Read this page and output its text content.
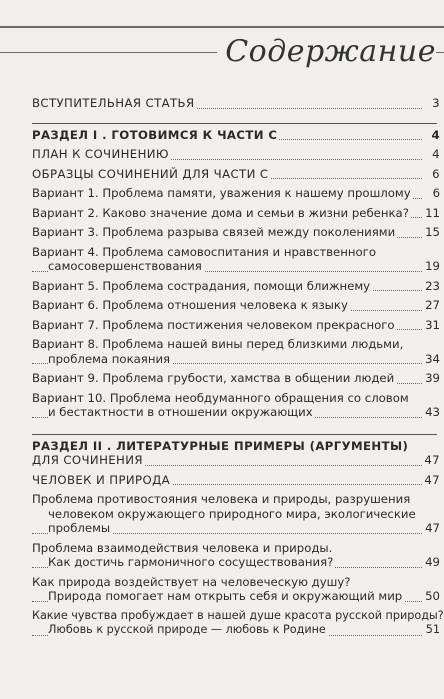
Содержание
ВСТУПИТЕЛЬНАЯ СТАТЬЯ	3
РАЗДЕЛ I . ГОТОВИМСЯ К ЧАСТИ С	4
ПЛАН К СОЧИНЕНИЮ	4
ОБРАЗЦЫ СОЧИНЕНИЙ ДЛЯ ЧАСТИ С	6
Вариант 1. Проблема памяти, уважения к нашему прошлому 6
Вариант 2. Каково значение дома и семьи в жизни ребенка? 11
Вариант 3. Проблема разрыва связей между поколениями	15
Вариант 4. Проблема самовоспитания и нравственного
самосовершенствования	19
Вариант 5. Проблема сострадания, помощи ближнему	23
Вариант 6. Проблема отношения человека к языку	27
Вариант 7. Проблема постижения человеком прекрасного	31
Вариант 8. Проблема нашей вины перед близкими людьми,
проблема покаяния	34
Вариант 9. Проблема грубости, хамства в общении людей	39
Вариант 10. Проблема необдуманного обращения со словом
и бестактности в отношении окружающих	43
РАЗДЕЛ II . ЛИТЕРАТУРНЫЕ ПРИМЕРЫ (АРГУМЕНТЫ)
ДЛЯ СОЧИНЕНИЯ	47
ЧЕЛОВЕК И ПРИРОДА	47
Проблема противостояния человека и природы, разрушения
человеком окружающего природного мира, экологические
проблемы	47
Проблема взаимодействия человека и природы.
Как достичь гармоничного сосуществования?	49
Как природа воздействует на человеческую душу?
Природа помогает нам открыть себя и окружающий мир	50
Какие чувства пробуждает в нашей душе красота русской природы?
Любовь к русской природе — любовь к Родине	51
